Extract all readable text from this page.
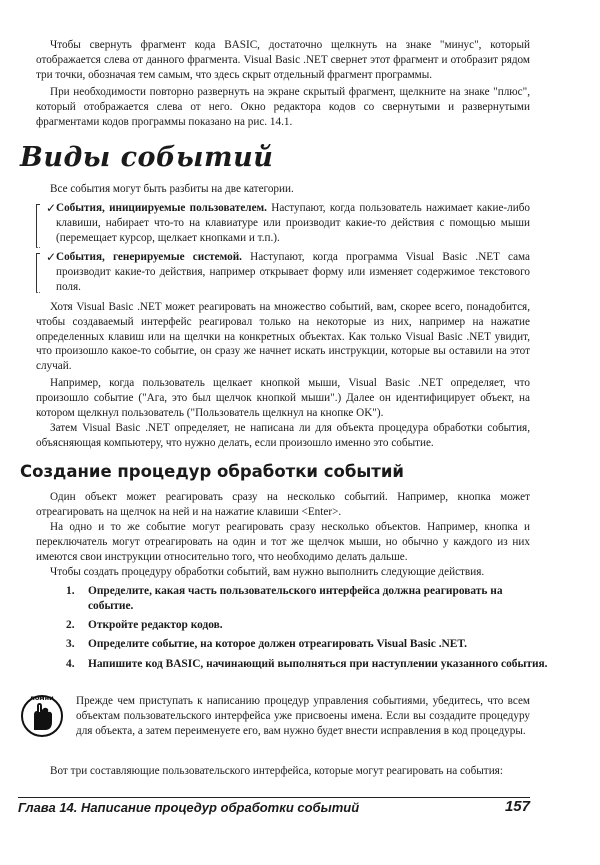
Чтобы свернуть фрагмент кода BASIC, достаточно щелкнуть на знаке "минус", который отображается слева от данного фрагмента. Visual Basic .NET свернет этот фрагмент и отобразит рядом три точки, обозначая тем самым, что здесь скрыт отдельный фрагмент программы.

При необходимости повторно развернуть на экране скрытый фрагмент, щелкните на знаке "плюс", который отображается слева от него. Окно редактора кодов со свернутыми и развернутыми фрагментами кодов программы показано на рис. 14.1.

Виды событий

Все события могут быть разбиты на две категории.

✓ События, инициируемые пользователем. Наступают, когда пользователь нажимает какие-либо клавиши, набирает что-то на клавиатуре или производит какие-то действия с помощью мыши (перемещает курсор, щелкает кнопками и т.п.).
✓ События, генерируемые системой. Наступают, когда программа Visual Basic .NET сама производит какие-то действия, например открывает форму или изменяет содержимое текстового поля.

Хотя Visual Basic .NET может реагировать на множество событий, вам, скорее всего, понадобится, чтобы создаваемый интерфейс реагировал только на некоторые из них, например на нажатие определенных клавиш или на щелчки на конкретных объектах. Как только Visual Basic .NET увидит, что произошло какое-то событие, он сразу же начнет искать инструкции, которые вы оставили на этот случай.

Например, когда пользователь щелкает кнопкой мыши, Visual Basic .NET определяет, что произошло событие ("Ага, это был щелчок кнопкой мыши".) Далее он идентифицирует объект, на котором щелкнул пользователь ("Пользователь щелкнул на кнопке OK").

Затем Visual Basic .NET определяет, не написана ли для объекта процедура обработки события, объясняющая компьютеру, что нужно делать, если произошло именно это событие.

Создание процедур обработки событий

Один объект может реагировать сразу на несколько событий. Например, кнопка может отреагировать на щелчок на ней и на нажатие клавиши <Enter>.

На одно и то же событие могут реагировать сразу несколько объектов. Например, кнопка и переключатель могут отреагировать на один и тот же щелчок мыши, но обычно у каждого из них имеются свои инструкции относительно того, что необходимо делать дальше.

Чтобы создать процедуру обработки событий, вам нужно выполнить следующие действия.

1. Определите, какая часть пользовательского интерфейса должна реагировать на событие.
2. Откройте редактор кодов.
3. Определите событие, на которое должен отреагировать Visual Basic .NET.
4. Напишите код BASIC, начинающий выполняться при наступлении указанного события.
помни Прежде чем приступать к написанию процедур управления событиями, убедитесь, что всем объектам пользовательского интерфейса уже присвоены имена. Если вы создадите процедуру для объекта, а затем переименуете его, вам нужно будет внести исправления в код процедуры.

Вот три составляющие пользовательского интерфейса, которые могут реагировать на события:

Глава 14. Написание процедур обработки событий	157
